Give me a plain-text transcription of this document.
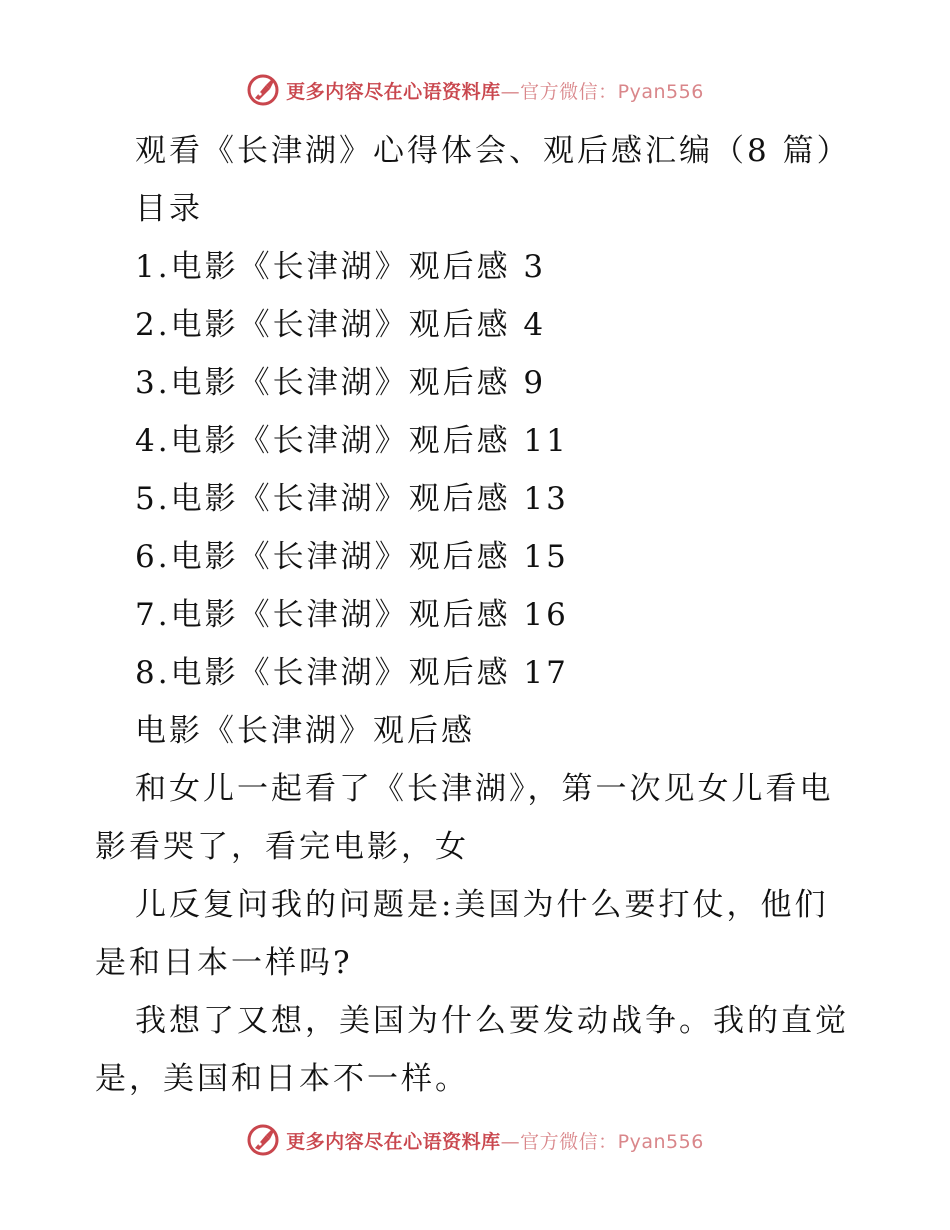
更多内容尽在心语资料库—官方微信：Pyan556
观看《长津湖》心得体会、观后感汇编（8 篇）
目录
1.电影《长津湖》观后感 3
2.电影《长津湖》观后感 4
3.电影《长津湖》观后感 9
4.电影《长津湖》观后感 11
5.电影《长津湖》观后感 13
6.电影《长津湖》观后感 15
7.电影《长津湖》观后感 16
8.电影《长津湖》观后感 17
电影《长津湖》观后感

和女儿一起看了《长津湖》，第一次见女儿看电影看哭了，看完电影，女

儿反复问我的问题是:美国为什么要打仗，他们是和日本一样吗?

我想了又想，美国为什么要发动战争。我的直觉是，美国和日本不一样。

更多内容尽在心语资料库—官方微信：Pyan556
